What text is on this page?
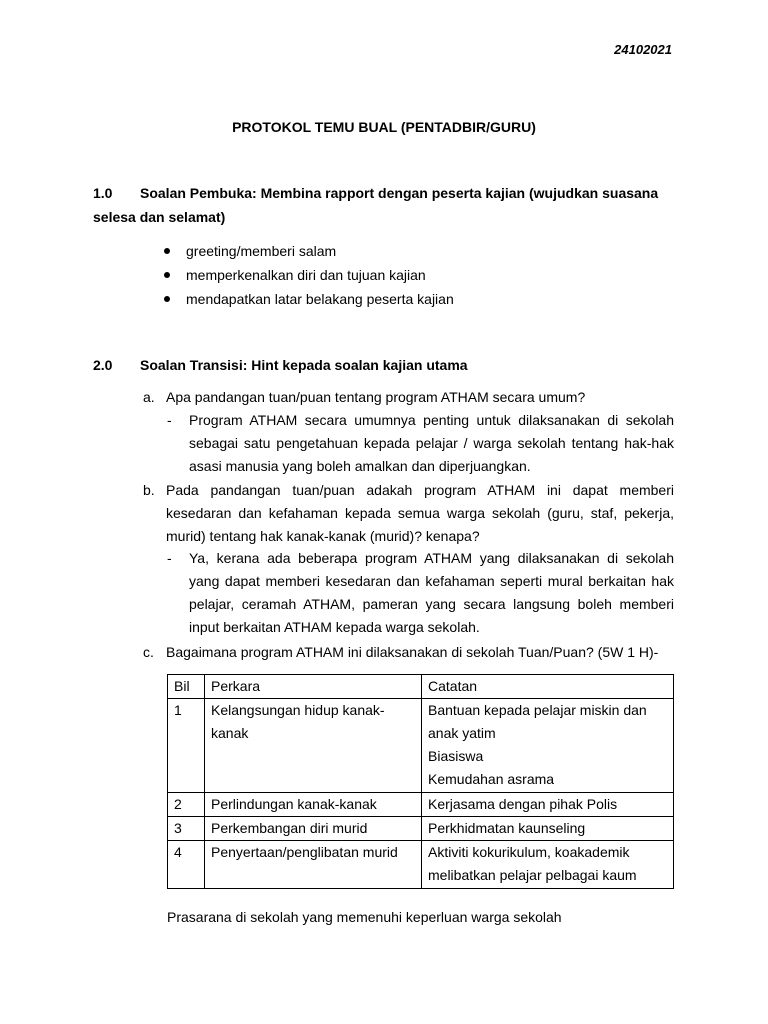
24102021
PROTOKOL TEMU BUAL (PENTADBIR/GURU)
1.0 Soalan Pembuka: Membina rapport dengan peserta kajian (wujudkan suasana
selesa dan selamat)
greeting/memberi salam
memperkenalkan diri dan tujuan kajian
mendapatkan latar belakang peserta kajian
2.0 Soalan Transisi: Hint kepada soalan kajian utama
a. Apa pandangan tuan/puan tentang program ATHAM secara umum?
- Program ATHAM secara umumnya penting untuk dilaksanakan di sekolah sebagai satu pengetahuan kepada pelajar / warga sekolah tentang hak-hak asasi manusia yang boleh amalkan dan diperjuangkan.
b. Pada pandangan tuan/puan adakah program ATHAM ini dapat memberi kesedaran dan kefahaman kepada semua warga sekolah (guru, staf, pekerja, murid) tentang hak kanak-kanak (murid)? kenapa?
- Ya, kerana ada beberapa program ATHAM yang dilaksanakan di sekolah yang dapat memberi kesedaran dan kefahaman seperti mural berkaitan hak pelajar, ceramah ATHAM, pameran yang secara langsung boleh memberi input berkaitan ATHAM kepada warga sekolah.
c. Bagaimana program ATHAM ini dilaksanakan di sekolah Tuan/Puan? (5W 1 H)-
Bil	Perkara	Catatan
1	Kelangsungan hidup kanak-kanak	Bantuan kepada pelajar miskin dan anak yatim
Biasiswa
Kemudahan asrama

2	Perlindungan kanak-kanak	Kerjasama dengan pihak Polis
3	Perkembangan diri murid	Perkhidmatan kaunseling
4	Penyertaan/penglibatan murid	Aktiviti kokurikulum, koakademik melibatkan pelajar pelbagai kaum
Prasarana di sekolah yang memenuhi keperluan warga sekolah
